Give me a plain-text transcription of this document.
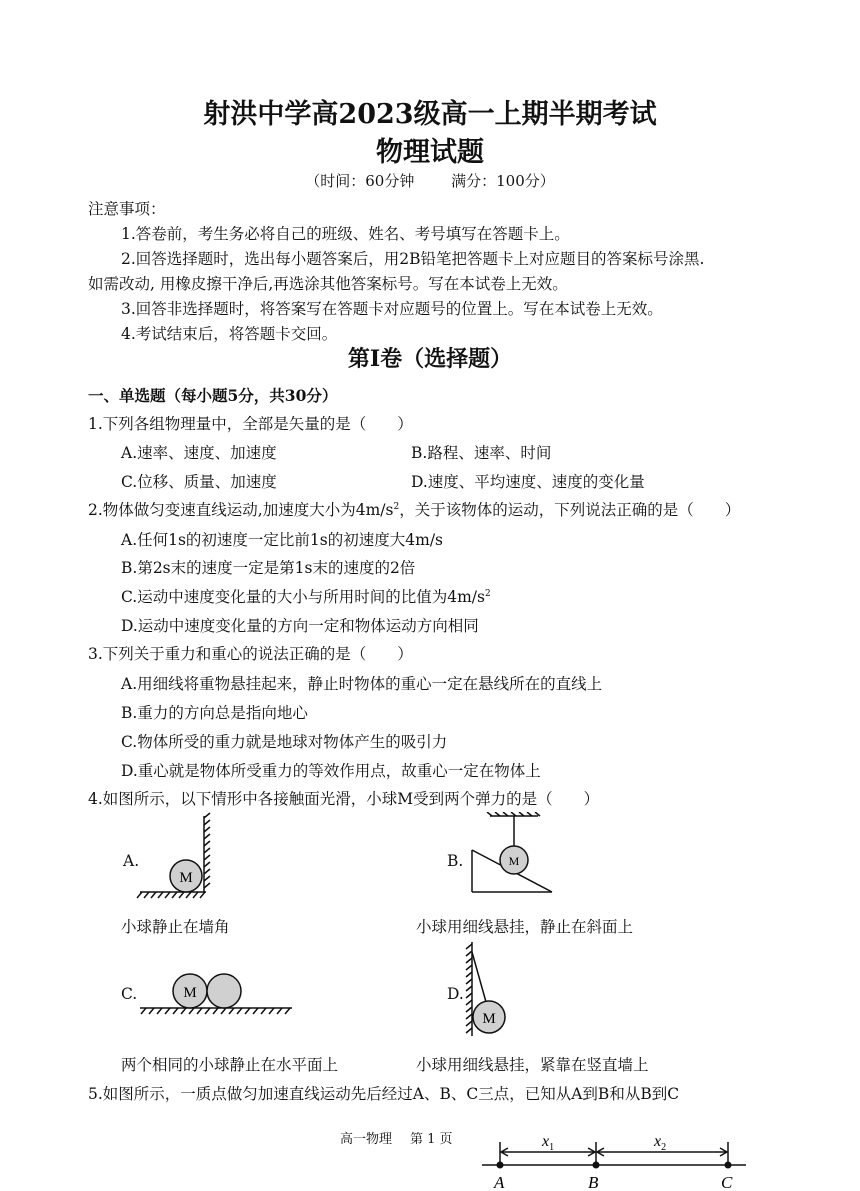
射洪中学高2023级高一上期半期考试
物理试题
（时间：60分钟 满分：100分）
注意事项：
1.答卷前，考生务必将自己的班级、姓名、考号填写在答题卡上。
2.回答选择题时，选出每小题答案后，用2B铅笔把答题卡上对应题目的答案标号涂黑.
如需改动, 用橡皮擦干净后,再选涂其他答案标号。写在本试卷上无效。
3.回答非选择题时，将答案写在答题卡对应题号的位置上。写在本试卷上无效。
4.考试结束后，将答题卡交回。
第I卷（选择题）
一、单选题（每小题5分，共30分）
1.下列各组物理量中，全部是矢量的是（　　）
A.速率、速度、加速度	B.路程、速率、时间
C.位移、质量、加速度	D.速度、平均速度、速度的变化量
2.物体做匀变速直线运动,加速度大小为$4m/s^2$，关于该物体的运动，下列说法正确的是（　　）
A.任何1s的初速度一定比前1s的初速度大4m/s
B.第2s末的速度一定是第1s末的速度的2倍
C.运动中速度变化量的大小与所用时间的比值为$4m/s^2$
D.运动中速度变化量的方向一定和物体运动方向相同
3.下列关于重力和重心的说法正确的是（　　）
A.用细线将重物悬挂起来，静止时物体的重心一定在悬线所在的直线上
B.重力的方向总是指向地心
C.物体所受的重力就是地球对物体产生的吸引力
D.重心就是物体所受重力的等效作用点，故重心一定在物体上
4.如图所示，以下情形中各接触面光滑，小球M受到两个弹力的是（　　）
A.
M
小球静止在墙角
B.	M
小球用细线悬挂，静止在斜面上
C.	M
两个相同的小球静止在水平面上
D.
M
小球用细线悬挂，紧靠在竖直墙上
5.如图所示，一质点做匀加速直线运动先后经过A、B、C三点，已知从A到B和从B到C
高一物理 第 1 页	$x_1$	$x_2$
A	B	C
